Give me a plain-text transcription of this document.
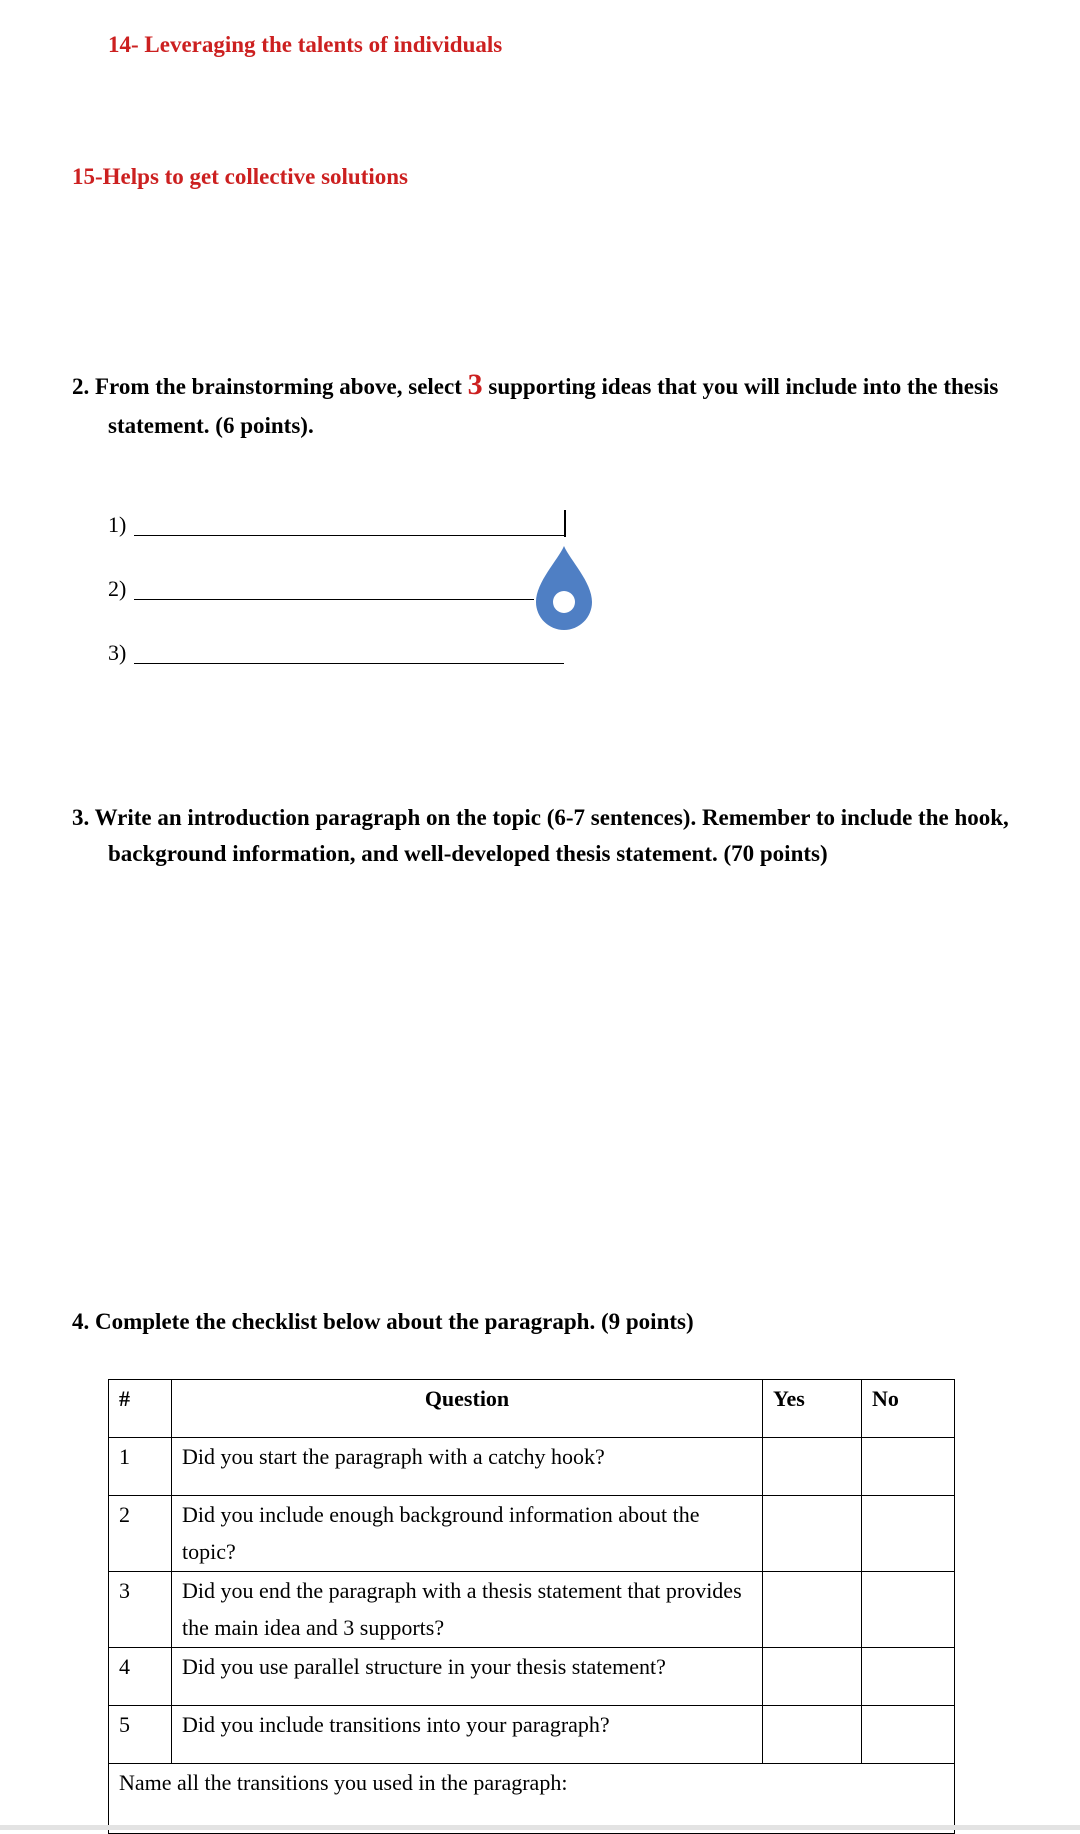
14- Leveraging the talents of individuals
15-Helps to get collective solutions
2. From the brainstorming above, select 3 supporting ideas that you will include into the thesis
statement. (6 points).
1)
2)
3)
3. Write an introduction paragraph on the topic (6-7 sentences). Remember to include the hook,
background information, and well-developed thesis statement. (70 points)
4. Complete the checklist below about the paragraph. (9 points)
#	Question	Yes	No
1	Did you start the paragraph with a catchy hook?		
2	Did you include enough background information about the topic?		
3	Did you end the paragraph with a thesis statement that provides the main idea and 3 supports?		
4	Did you use parallel structure in your thesis statement?		
5	Did you include transitions into your paragraph?		
Name all the transitions you used in the paragraph:			
